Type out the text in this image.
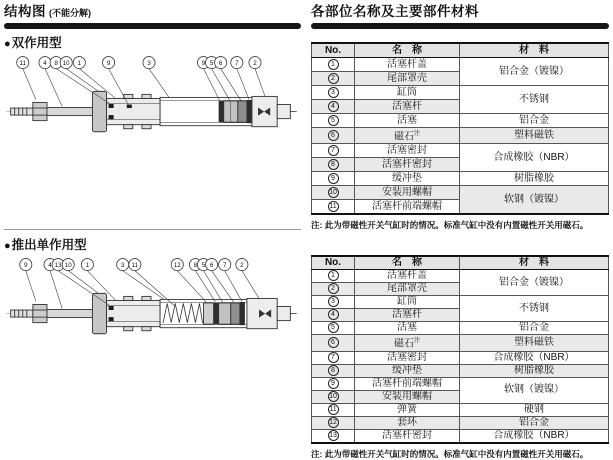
结构图 (不能分解)
●双作用型
11	4 8 10 1	9	3	9 5 6 7 2
●推出单作用型
9	4 13 10 1	3 11	12 8 5 6 7 2
各部位名称及主要部件材料
No.	名　称	材　料
1	活塞杆盖	铝合金（镀镍）
2	尾部罩壳	
3	缸筒	不锈钢
4	活塞杆	
5	活塞	铝合金
6	磁石$^注$	塑料磁铁
7	活塞密封	合成橡胶（NBR）
8	活塞杆密封	
9	缓冲垫	树脂橡胶
10	安装用螺帽	软钢（镀镍）
11	活塞杆前端螺帽	
注: 此为带磁性开关气缸时的情况。标准气缸中没有内置磁性开关用磁石。
No.	名　称	材　料
1	活塞杆盖	铝合金（镀镍）
2	尾部罩壳	
3	缸筒	不锈钢
4	活塞杆	
5	活塞	铝合金
6	磁石$^注$	塑料磁铁
7	活塞密封	合成橡胶（NBR）
8	缓冲垫	树脂橡胶
9	活塞杆前端螺帽	软钢（镀镍）
10	安装用螺帽	
11	弹簧	硬钢
12	套环	铝合金
13	活塞杆密封	合成橡胶（NBR）
注: 此为带磁性开关气缸时的情况。标准气缸中没有内置磁性开关用磁石。
